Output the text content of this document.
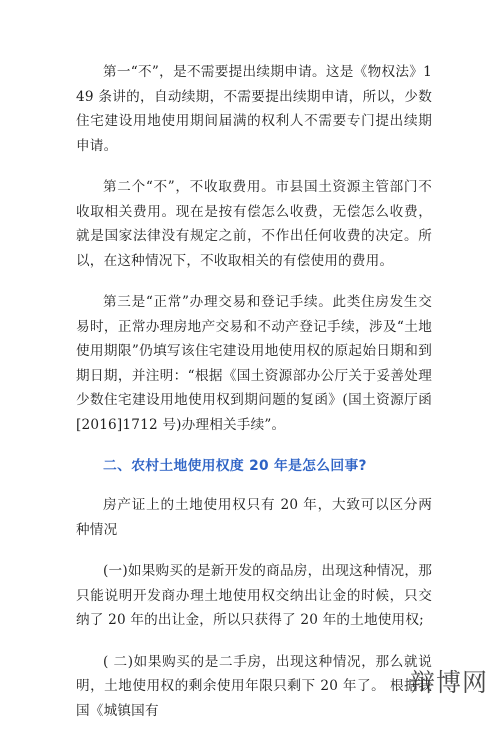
第一“不”，是不需要提出续期申请。这是《物权法》149 条讲的，自动续期，不需要提出续期申请，所以，少数住宅建设用地使用期间届满的权利人不需要专门提出续期申请。

第二个“不”，不收取费用。市县国土资源主管部门不收取相关费用。现在是按有偿怎么收费，无偿怎么收费，就是国家法律没有规定之前，不作出任何收费的决定。所以，在这种情况下，不收取相关的有偿使用的费用。

第三是“正常”办理交易和登记手续。此类住房发生交易时，正常办理房地产交易和不动产登记手续，涉及“土地使用期限”仍填写该住宅建设用地使用权的原起始日期和到期日期，并注明：“根据《国土资源部办公厅关于妥善处理少数住宅建设用地使用权到期问题的复函》(国土资源厅函[2016]1712 号)办理相关手续”。

二、农村土地使用权度 20 年是怎么回事?

房产证上的土地使用权只有 20 年，大致可以区分两种情况

(一)如果购买的是新开发的商品房，出现这种情况，那只能说明开发商办理土地使用权交纳出让金的时候，只交纳了 20 年的出让金，所以只获得了 20 年的土地使用权;

( 二)如果购买的是二手房，出现这种情况，那么就说明，土地使用权的剩余使用年限只剩下 20 年了。 根据我国《城镇国有

辩博网
